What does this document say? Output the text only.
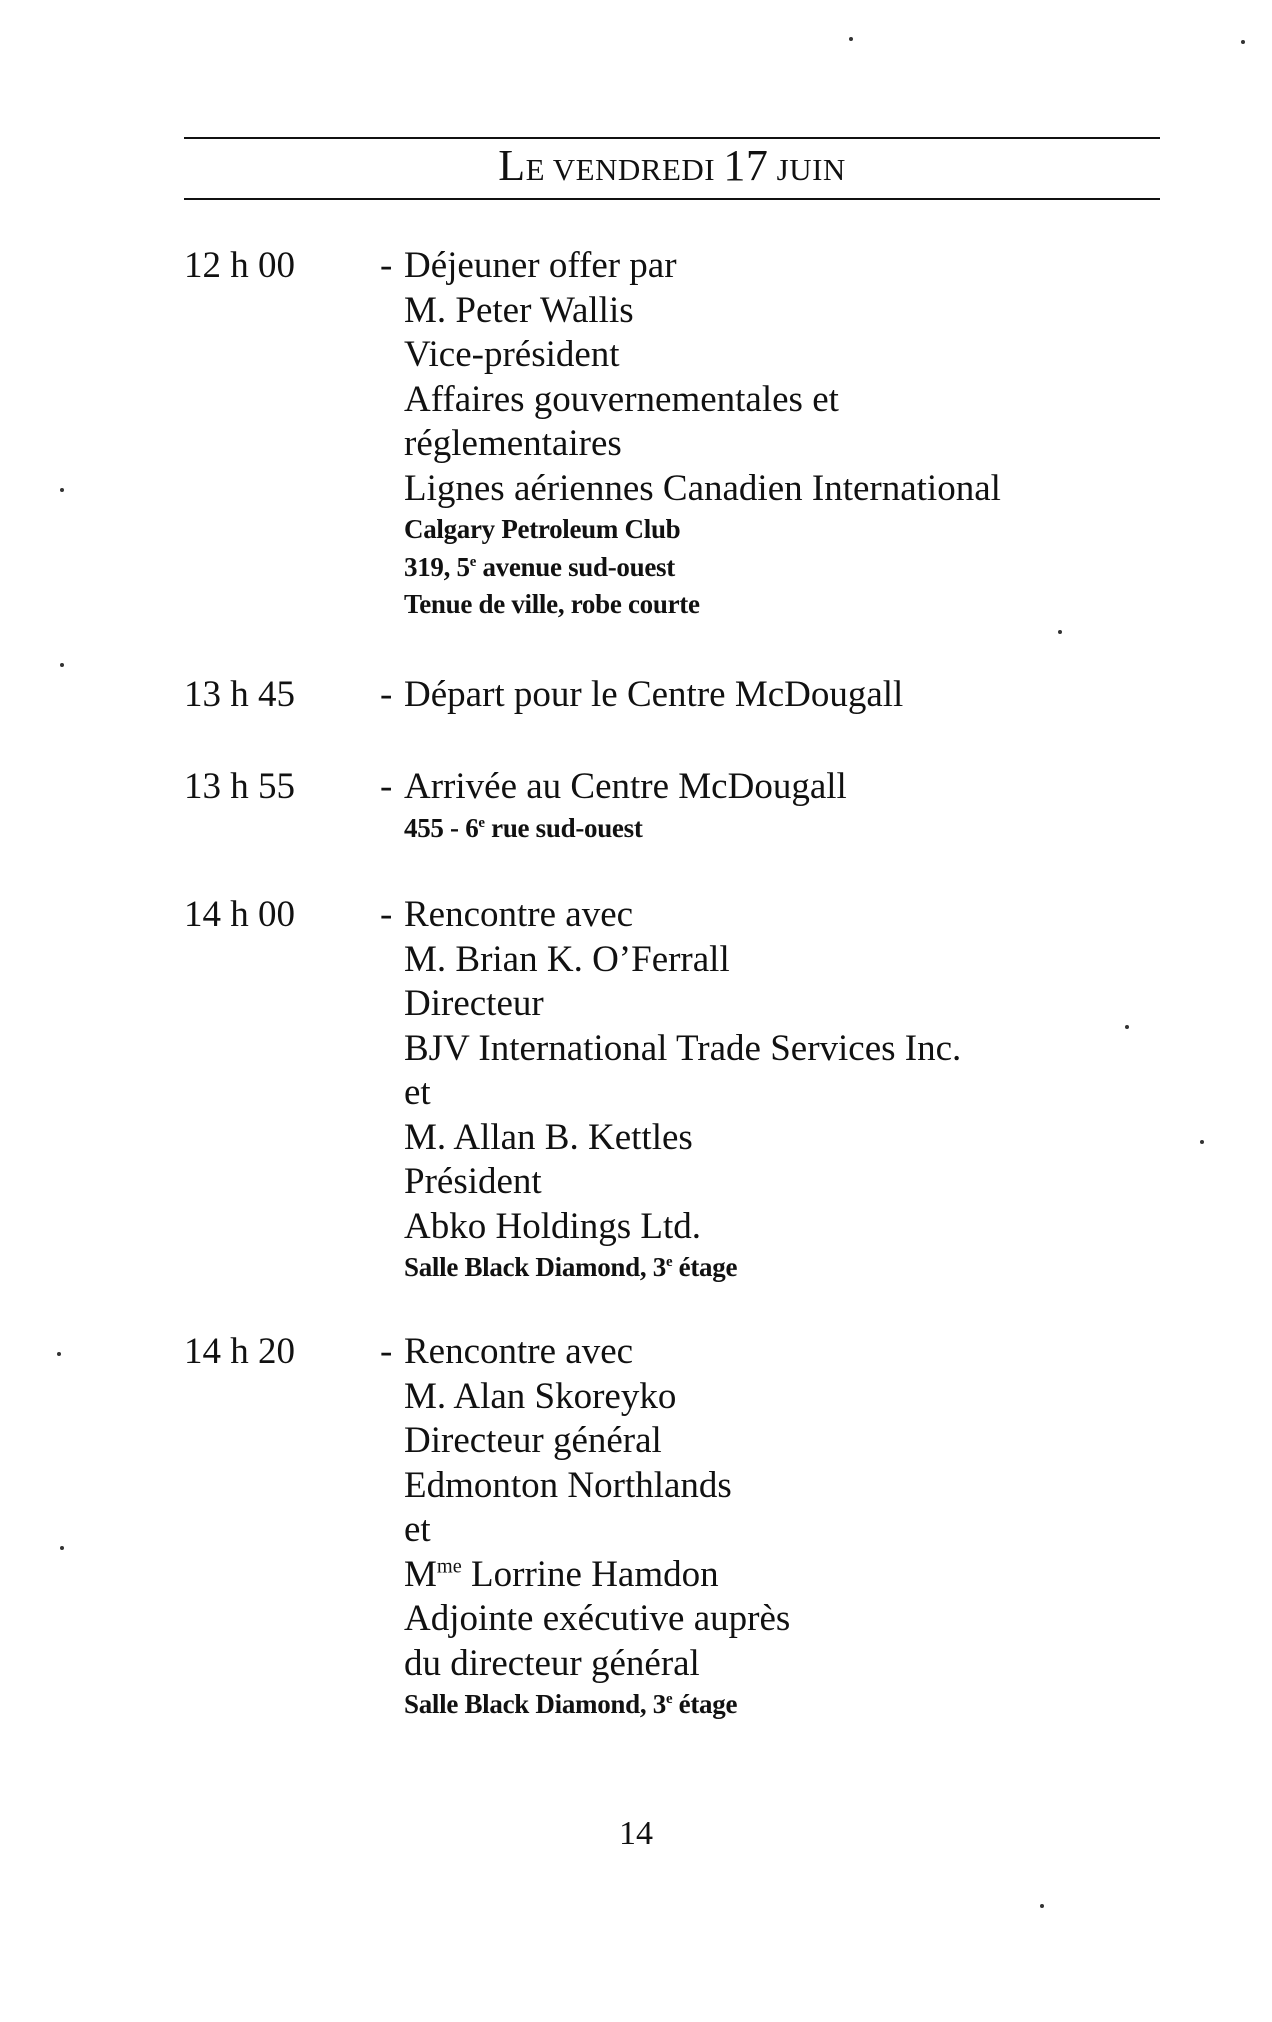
LE VENDREDI 17 JUIN
12 h 00 - Déjeuner offer par
M. Peter Wallis
Vice-président
Affaires gouvernementales et
réglementaires
Lignes aériennes Canadien International
Calgary Petroleum Club
319, 5e avenue sud-ouest
Tenue de ville, robe courte
13 h 45 - Départ pour le Centre McDougall
13 h 55 - Arrivée au Centre McDougall
455 - 6e rue sud-ouest
14 h 00 - Rencontre avec
M. Brian K. O’Ferrall
Directeur
BJV International Trade Services Inc.
et
M. Allan B. Kettles
Président
Abko Holdings Ltd.
Salle Black Diamond, 3e étage
14 h 20 - Rencontre avec
M. Alan Skoreyko
Directeur général
Edmonton Northlands
et
$M^{me}$ Lorrine Hamdon
Adjointe exécutive auprès
du directeur général
Salle Black Diamond, 3e étage
14
